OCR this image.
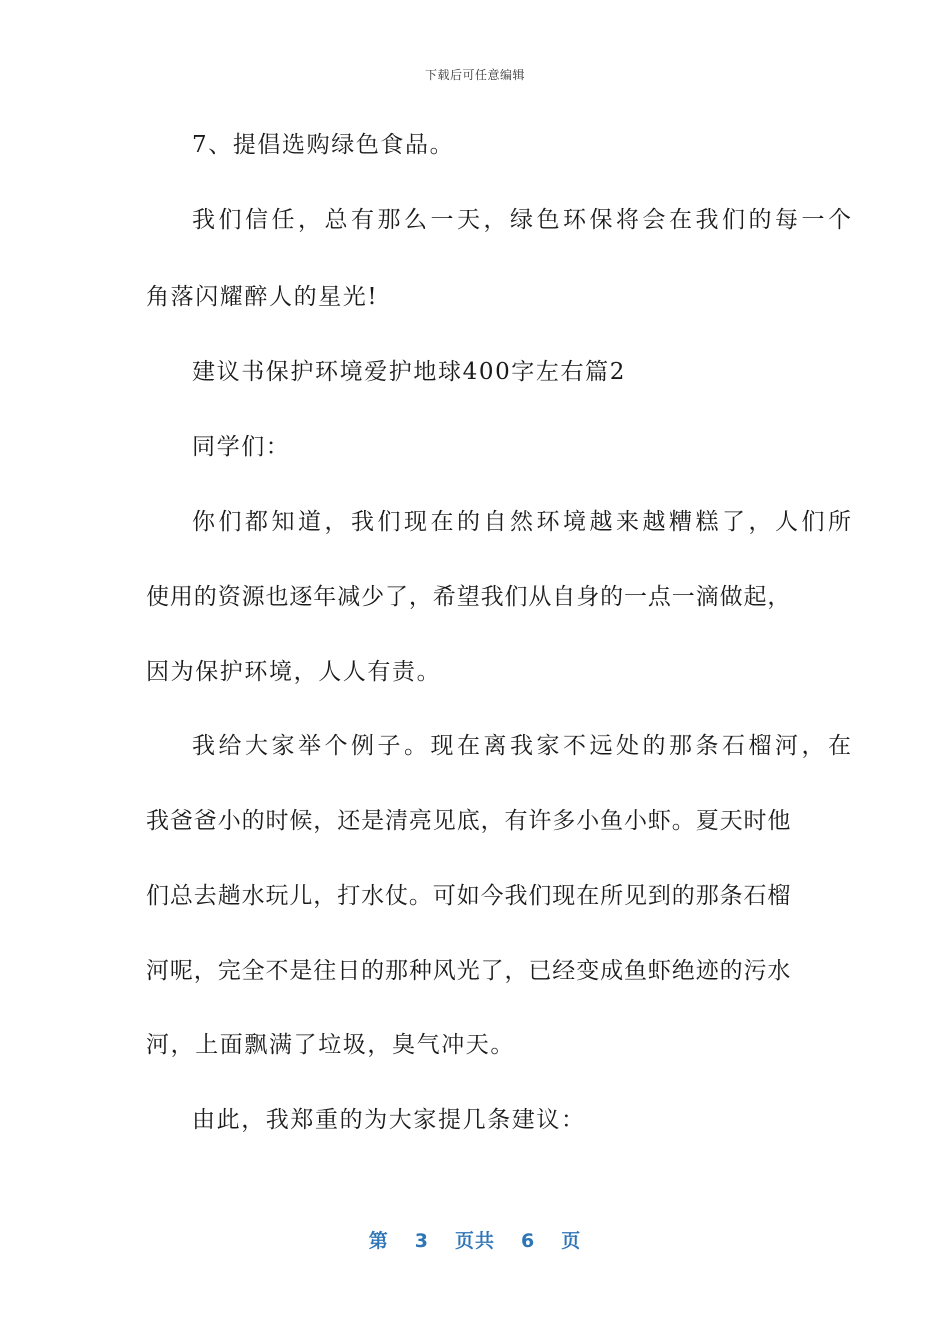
下载后可任意编辑
7、提倡选购绿色食品。
我们信任，总有那么一天，绿色环保将会在我们的每一个
角落闪耀醉人的星光!
建议书保护环境爱护地球400字左右篇2
同学们：
你们都知道，我们现在的自然环境越来越糟糕了，人们所
使用的资源也逐年减少了，希望我们从自身的一点一滴做起，
因为保护环境，人人有责。
我给大家举个例子。现在离我家不远处的那条石榴河，在
我爸爸小的时候，还是清亮见底，有许多小鱼小虾。夏天时他
们总去趟水玩儿，打水仗。可如今我们现在所见到的那条石榴
河呢，完全不是往日的那种风光了，已经变成鱼虾绝迹的污水
河，上面飘满了垃圾，臭气冲天。
由此，我郑重的为大家提几条建议：
第 3 页共 6 页
